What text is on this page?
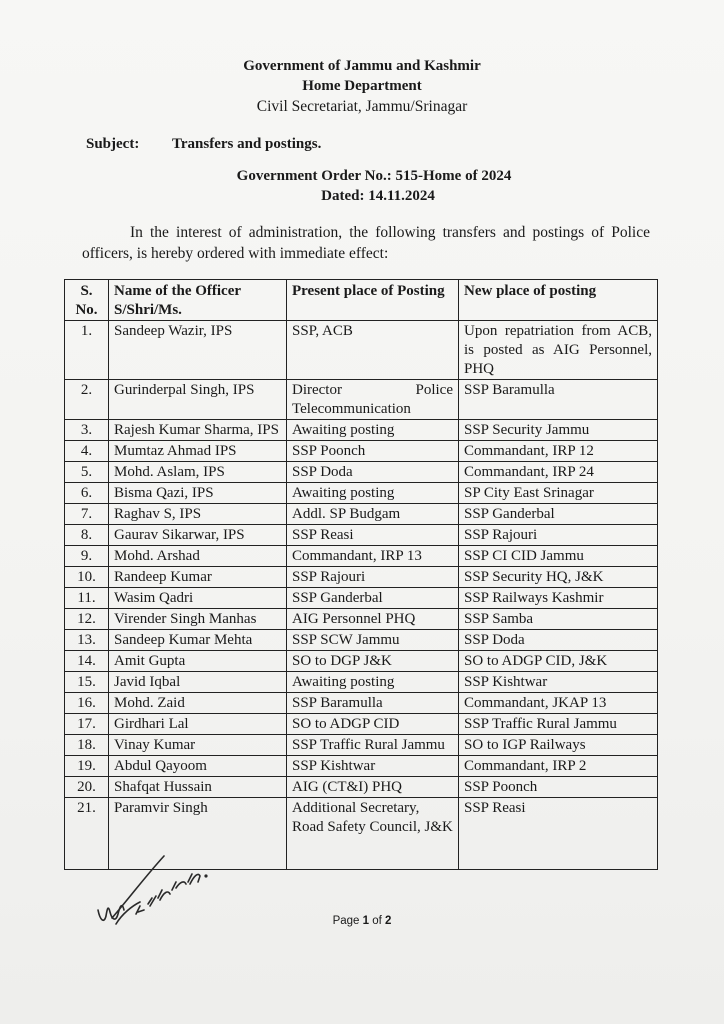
Government of Jammu and Kashmir
Home Department
Civil Secretariat, Jammu/Srinagar
Subject: Transfers and postings.
Government Order No.: 515-Home of 2024
Dated: 14.11.2024
In the interest of administration, the following transfers and postings of Police officers, is hereby ordered with immediate effect:
S. No.	Name of the Officer S/Shri/Ms.	Present place of Posting	New place of posting
1.	Sandeep Wazir, IPS	SSP, ACB	Upon repatriation from ACB, is posted as AIG Personnel, PHQ
2.	Gurinderpal Singh, IPS	Director Police Telecommunication	SSP Baramulla
3.	Rajesh Kumar Sharma, IPS	Awaiting posting	SSP Security Jammu
4.	Mumtaz Ahmad IPS	SSP Poonch	Commandant, IRP 12
5.	Mohd. Aslam, IPS	SSP Doda	Commandant, IRP 24
6.	Bisma Qazi, IPS	Awaiting posting	SP City East Srinagar
7.	Raghav S, IPS	Addl. SP Budgam	SSP Ganderbal
8.	Gaurav Sikarwar, IPS	SSP Reasi	SSP Rajouri
9.	Mohd. Arshad	Commandant, IRP 13	SSP CI CID Jammu
10.	Randeep Kumar	SSP Rajouri	SSP Security HQ, J&K
11.	Wasim Qadri	SSP Ganderbal	SSP Railways Kashmir
12.	Virender Singh Manhas	AIG Personnel PHQ	SSP Samba
13.	Sandeep Kumar Mehta	SSP SCW Jammu	SSP Doda
14.	Amit Gupta	SO to DGP J&K	SO to ADGP CID, J&K
15.	Javid Iqbal	Awaiting posting	SSP Kishtwar
16.	Mohd. Zaid	SSP Baramulla	Commandant, JKAP 13
17.	Girdhari Lal	SO to ADGP CID	SSP Traffic Rural Jammu
18.	Vinay Kumar	SSP Traffic Rural Jammu	SO to IGP Railways
19.	Abdul Qayoom	SSP Kishtwar	Commandant, IRP 2
20.	Shafqat Hussain	AIG (CT&I) PHQ	SSP Poonch
21.	Paramvir Singh	Additional Secretary, Road Safety Council, J&K	SSP Reasi
Page 1 of 2
